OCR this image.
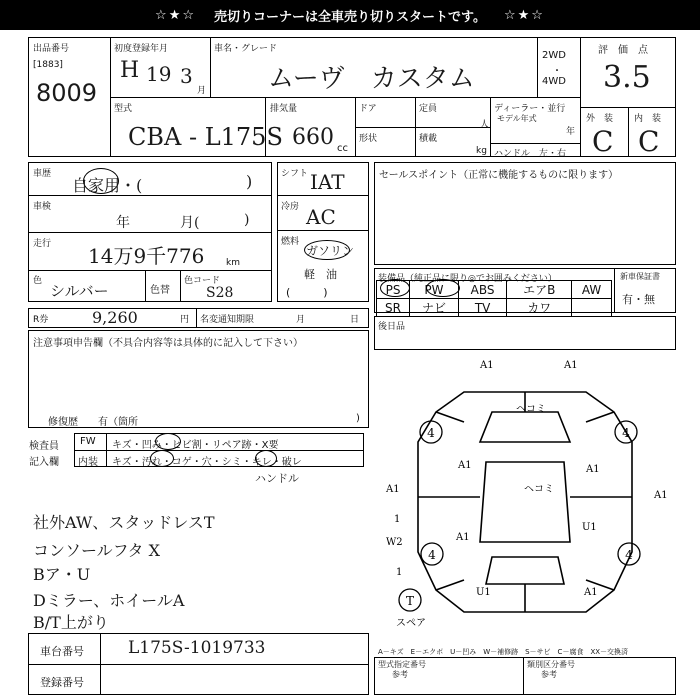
☆★☆ 売切りコーナーは全車売り切りスタートです。 ☆★☆
出品番号
[1883]
8009
初度登録年月
H 19 3
月
車名・グレード
ムーヴ　カスタム
2WD
・
4WD
評　価　点
3.5
型式
CBA - L175S
排気量
660 cc
ドア
形状
定員
人
積載
kg
ディーラー・並行
モデル年式
年
ハンドル　左・右
外　装
C
内　装
C
車歴
自家用・(	)
車検
年	月(	)
走行 14万9千776 km
色
シルバー	色替
色コード
S28
シフト IAT
冷房 AC
燃料
ガソリン
軽　油
(　　　)
R券	9,260	円 名変通知期限	月	日
注意事項申告欄（不具合内容等は具体的に記入して下さい）
修復歴　　有（箇所	)
検査員
記入欄
FW キズ・凹み・ヒビ割・リペア跡・X要
内装 キズ・汚れ・コゲ・穴・シミ・キレ・破レ
ハンドル
社外AW、スタッドレスT
コンソールフタ X
Bア・U
Dミラー、ホイールA
B/T上がり
車台番号	L175S-1019733
登録番号
セールスポイント（正常に機能するものに限ります）
装備品（純正品に限り◎でお囲みください）	新車保証書
有・無
PS	PW	ABS	エアB	AW
SR	ナビ	TV	カワ	
後日品
4	4
4	4
T
A1	A1
A1	A1
A1
U1
A1
W2
1
1
A1
U1	A1
ヘコミ
ヘコミ
スペア
A－キズ　E－エクボ　U－凹み　W－補修跡　S－サビ　C－腐食　XX－交換済
型式指定番号
参考
類別区分番号
参考
